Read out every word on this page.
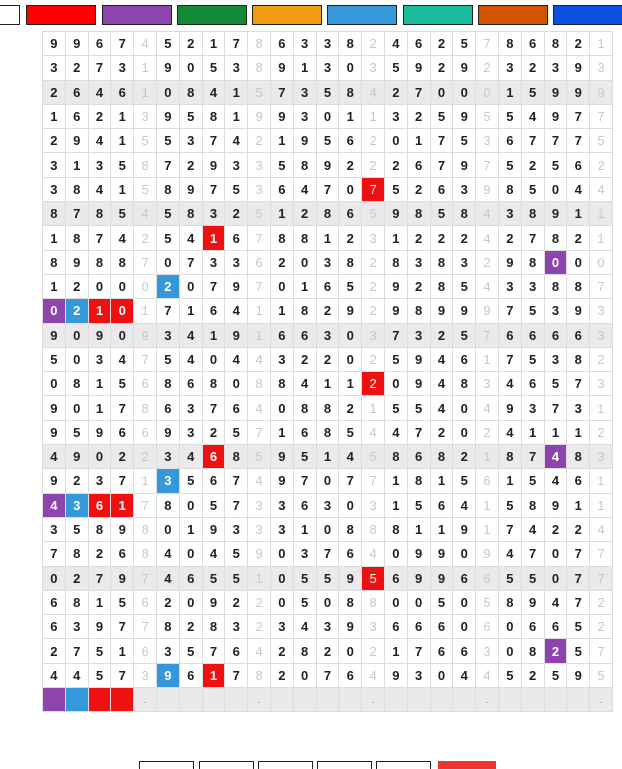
9	9	6	7	4	5	2	1	7	8	6	3	3	8	2	4	6	2	5	7	8	6	8	2	1
3	2	7	3	1	9	0	5	3	8	9	1	3	0	3	5	9	2	9	2	3	2	3	9	3
2	6	4	6	1	0	8	4	1	5	7	3	5	8	4	2	7	0	0	0	1	5	9	9	9
1	6	2	1	3	9	5	8	1	9	9	3	0	1	1	3	2	5	9	5	5	4	9	7	7
2	9	4	1	5	5	3	7	4	2	1	9	5	6	2	0	1	7	5	3	6	7	7	7	5
3	1	3	5	8	7	2	9	3	3	5	8	9	2	2	2	6	7	9	7	5	2	5	6	2
3	8	4	1	5	8	9	7	5	3	6	4	7	0	7	5	2	6	3	9	8	5	0	4	4
8	7	8	5	4	5	8	3	2	5	1	2	8	6	5	9	8	5	8	4	3	8	9	1	1
1	8	7	4	2	5	4	1	6	7	8	8	1	2	3	1	2	2	2	4	2	7	8	2	1
8	9	8	8	7	0	7	3	3	6	2	0	3	8	2	8	3	8	3	2	9	8	0	0	0
1	2	0	0	0	2	0	7	9	7	0	1	6	5	2	9	2	8	5	4	3	3	8	8	7
0	2	1	0	1	7	1	6	4	1	1	8	2	9	2	9	8	9	9	9	7	5	3	9	3
9	0	9	0	9	3	4	1	9	1	6	6	3	0	3	7	3	2	5	7	6	6	6	6	3
5	0	3	4	7	5	4	0	4	4	3	2	2	0	2	5	9	4	6	1	7	5	3	8	2
0	8	1	5	6	8	6	8	0	8	8	4	1	1	2	0	9	4	8	3	4	6	5	7	3
9	0	1	7	8	6	3	7	6	4	0	8	8	2	1	5	5	4	0	4	9	3	7	3	1
9	5	9	6	6	9	3	2	5	7	1	6	8	5	4	4	7	2	0	2	4	1	1	1	2
4	9	0	2	2	3	4	6	8	5	9	5	1	4	5	8	6	8	2	1	8	7	4	8	3
9	2	3	7	1	3	5	6	7	4	9	7	0	7	7	1	8	1	5	6	1	5	4	6	1
4	3	6	1	7	8	0	5	7	3	3	6	3	0	3	1	5	6	4	1	5	8	9	1	1
3	5	8	9	8	0	1	9	3	3	3	1	0	8	8	8	1	1	9	1	7	4	2	2	4
7	8	2	6	8	4	0	4	5	9	0	3	7	6	4	0	9	9	0	9	4	7	0	7	7
0	2	7	9	7	4	6	5	5	1	0	5	5	9	5	6	9	9	6	6	5	5	0	7	7
6	8	1	5	6	2	0	9	2	2	0	5	0	8	8	0	0	5	0	5	8	9	4	7	2
6	3	9	7	7	8	2	8	3	2	3	4	3	9	3	6	6	6	0	6	0	6	6	5	2
2	7	5	1	6	3	5	7	6	4	2	8	2	0	2	1	7	6	6	3	0	8	2	5	7
4	4	5	7	3	9	6	1	7	8	2	0	7	6	4	9	3	0	4	4	5	2	5	9	5
				.					.					.					.					.
